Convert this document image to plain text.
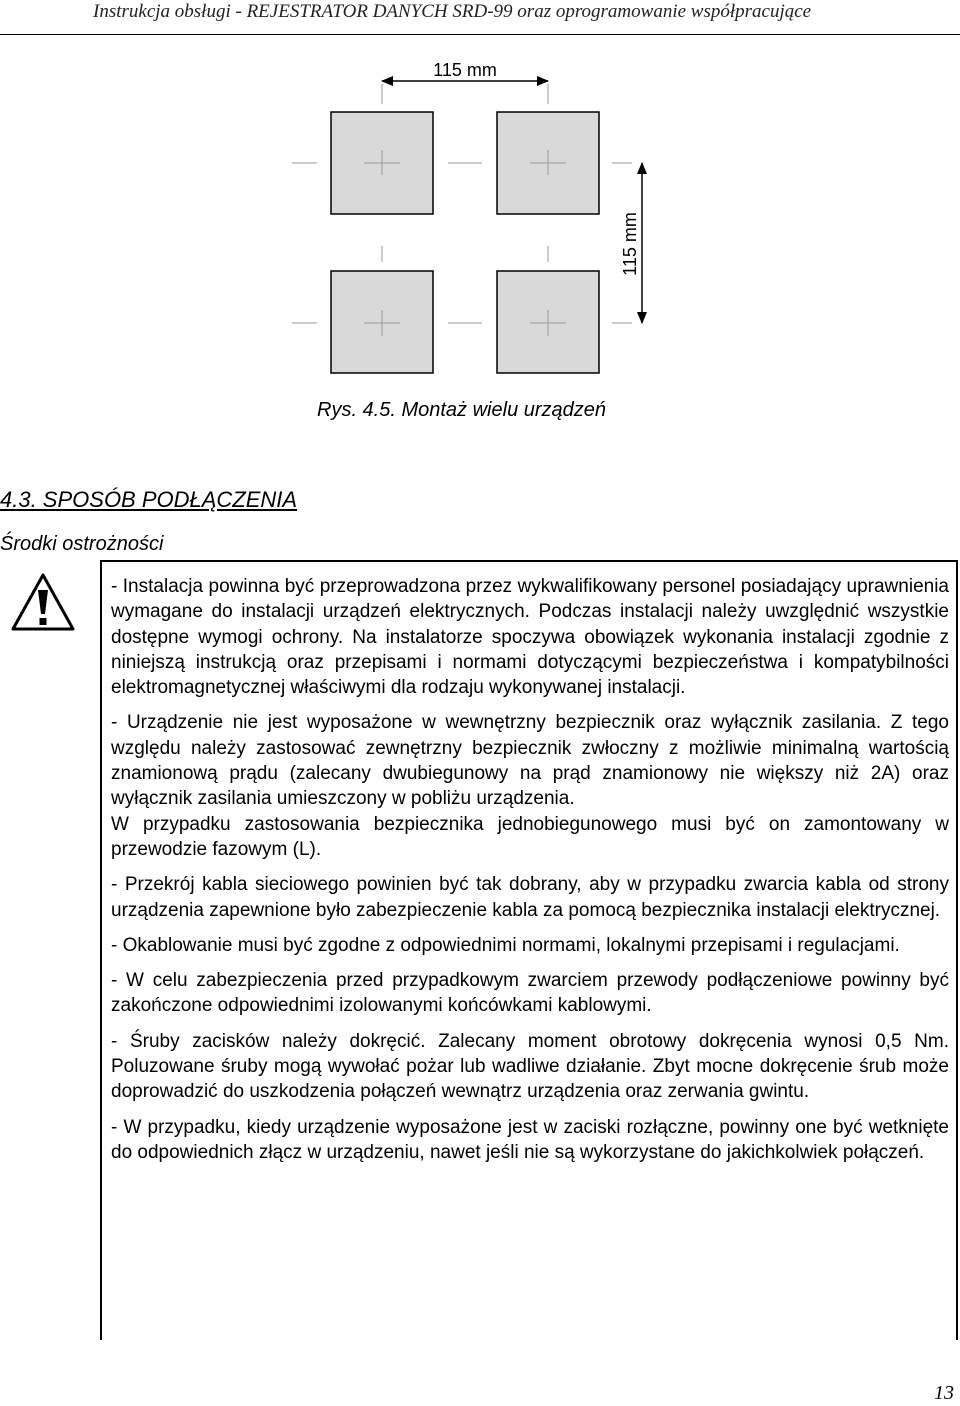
Instrukcja obsługi - REJESTRATOR DANYCH SRD-99 oraz oprogramowanie współpracujące
115 mm
115 mm
Rys. 4.5. Montaż wielu urządzeń
4.3. SPOSÓB PODŁĄCZENIA
Środki ostrożności

- Instalacja powinna być przeprowadzona przez wykwalifikowany personel posiadający uprawnienia wymagane do instalacji urządzeń elektrycznych. Podczas instalacji należy uwzględnić wszystkie dostępne wymogi ochrony. Na instalatorze spoczywa obowiązek wykonania instalacji zgodnie z niniejszą instrukcją oraz przepisami i normami dotyczącymi bezpieczeństwa i kompatybilności elektromagnetycznej właściwymi dla rodzaju wykonywanej instalacji.

- Urządzenie nie jest wyposażone w wewnętrzny bezpiecznik oraz wyłącznik zasilania. Z tego względu należy zastosować zewnętrzny bezpiecznik zwłoczny z możliwie minimalną wartością znamionową prądu (zalecany dwubiegunowy na prąd znamionowy nie większy niż 2A) oraz wyłącznik zasilania umieszczony w pobliżu urządzenia.
W przypadku zastosowania bezpiecznika jednobiegunowego musi być on zamontowany w przewodzie fazowym (L).

- Przekrój kabla sieciowego powinien być tak dobrany, aby w przypadku zwarcia kabla od strony urządzenia zapewnione było zabezpieczenie kabla za pomocą bezpiecznika instalacji elektrycznej.

- Okablowanie musi być zgodne z odpowiednimi normami, lokalnymi przepisami i regulacjami.

- W celu zabezpieczenia przed przypadkowym zwarciem przewody podłączeniowe powinny być zakończone odpowiednimi izolowanymi końcówkami kablowymi.

- Śruby zacisków należy dokręcić. Zalecany moment obrotowy dokręcenia wynosi 0,5 Nm. Poluzowane śruby mogą wywołać pożar lub wadliwe działanie. Zbyt mocne dokręcenie śrub może doprowadzić do uszkodzenia połączeń wewnątrz urządzenia oraz zerwania gwintu.

- W przypadku, kiedy urządzenie wyposażone jest w zaciski rozłączne, powinny one być wetknięte do odpowiednich złącz w urządzeniu, nawet jeśli nie są wykorzystane do jakichkolwiek połączeń.

13
